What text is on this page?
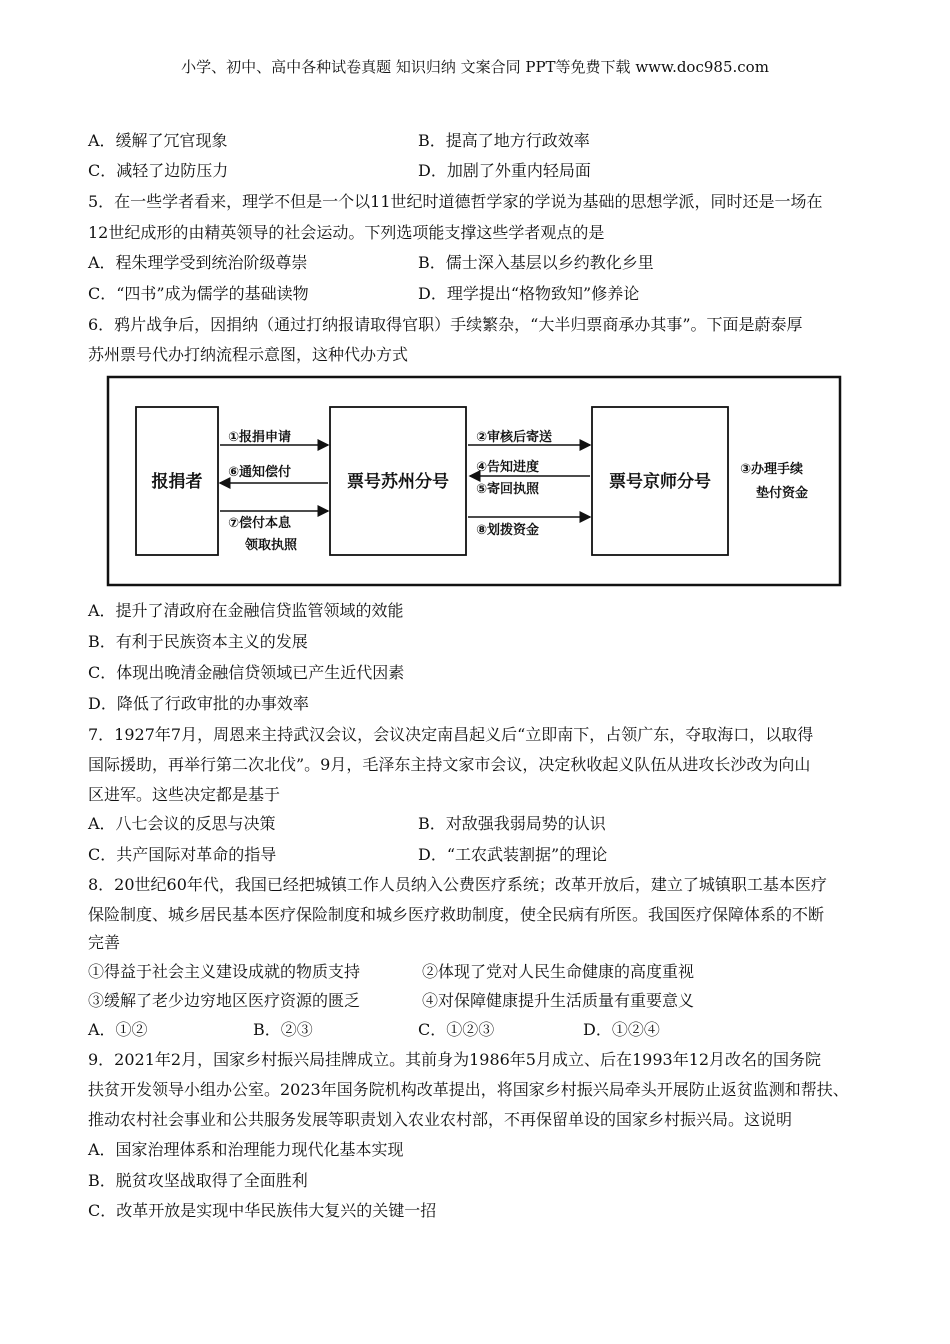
小学、初中、高中各种试卷真题 知识归纳 文案合同 PPT等免费下载 www.doc985.com
A．缓解了冗官现象	B．提高了地方行政效率
C．减轻了边防压力	D．加剧了外重内轻局面
5．在一些学者看来，理学不但是一个以11世纪时道德哲学家的学说为基础的思想学派，同时还是一场在
12世纪成形的由精英领导的社会运动。下列选项能支撑这些学者观点的是
A．程朱理学受到统治阶级尊崇	B．儒士深入基层以乡约教化乡里
C．“四书”成为儒学的基础读物	D．理学提出“格物致知”修养论
6．鸦片战争后，因捐纳（通过打纳报请取得官职）手续繁杂，“大半归票商承办其事”。下面是蔚泰厚
苏州票号代办打纳流程示意图，这种代办方式
报捐者	票号苏州分号	票号京师分号
①报捐申请
⑥通知偿付
⑦偿付本息
领取执照
②审核后寄送
④告知进度
⑤寄回执照
⑧划拨资金
③办理手续
垫付资金
A．提升了清政府在金融信贷监管领域的效能
B．有利于民族资本主义的发展
C．体现出晚清金融信贷领域已产生近代因素
D．降低了行政审批的办事效率
7．1927年7月，周恩来主持武汉会议，会议决定南昌起义后“立即南下，占领广东，夺取海口，以取得
国际援助，再举行第二次北伐”。9月，毛泽东主持文家市会议，决定秋收起义队伍从进攻长沙改为向山
区进军。这些决定都是基于
A．八七会议的反思与决策	B．对敌强我弱局势的认识
C．共产国际对革命的指导	D．“工农武装割据”的理论
8．20世纪60年代，我国已经把城镇工作人员纳入公费医疗系统；改革开放后，建立了城镇职工基本医疗
保险制度、城乡居民基本医疗保险制度和城乡医疗救助制度，使全民病有所医。我国医疗保障体系的不断
完善
①得益于社会主义建设成就的物质支持	②体现了党对人民生命健康的高度重视
③缓解了老少边穷地区医疗资源的匮乏	④对保障健康提升生活质量有重要意义
A．①②	B．②③	C．①②③	D．①②④
9．2021年2月，国家乡村振兴局挂牌成立。其前身为1986年5月成立、后在1993年12月改名的国务院
扶贫开发领导小组办公室。2023年国务院机构改革提出，将国家乡村振兴局牵头开展防止返贫监测和帮扶、
推动农村社会事业和公共服务发展等职责划入农业农村部，不再保留单设的国家乡村振兴局。这说明
A．国家治理体系和治理能力现代化基本实现
B．脱贫攻坚战取得了全面胜利
C．改革开放是实现中华民族伟大复兴的关键一招
